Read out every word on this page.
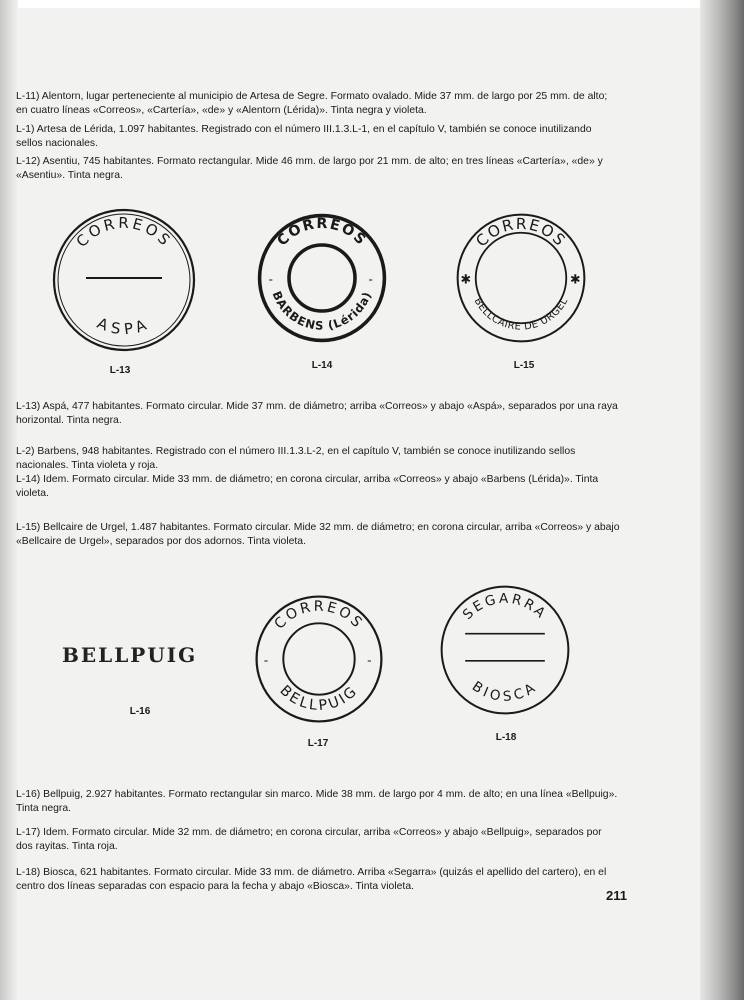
L-11) Alentorn, lugar perteneciente al municipio de Artesa de Segre. Formato ovalado. Mide 37 mm. de largo por 25 mm. de alto; en cuatro líneas «Correos», «Cartería», «de» y «Alentorn (Lérida)». Tinta negra y violeta.

L-1) Artesa de Lérida, 1.097 habitantes. Registrado con el número III.1.3.L-1, en el capítulo V, también se conoce inutilizando sellos nacionales.

L-12) Asentiu, 745 habitantes. Formato rectangular. Mide 46 mm. de largo por 21 mm. de alto; en tres líneas «Cartería», «de» y «Asentiu». Tinta negra.

CORREOS
ASPA
L-13
CORREOS
-	-
BARBENS (Lérida)
L-14
CORREOS
✱	✱
BELLCAIRE DE URGEL
L-15

L-13) Aspá, 477 habitantes. Formato circular. Mide 37 mm. de diámetro; arriba «Correos» y abajo «Aspá», separados por una raya horizontal. Tinta negra.

L-2) Barbens, 948 habitantes. Registrado con el número III.1.3.L-2, en el capítulo V, también se conoce inutilizando sellos nacionales. Tinta violeta y roja.

L-14) Idem. Formato circular. Mide 33 mm. de diámetro; en corona circular, arriba «Correos» y abajo «Barbens (Lérida)». Tinta violeta.

L-15) Bellcaire de Urgel, 1.487 habitantes. Formato circular. Mide 32 mm. de diámetro; en corona circular, arriba «Correos» y abajo «Bellcaire de Urgel», separados por dos adornos. Tinta violeta.

BELLPUIG
L-16
CORREOS
-	-
BELLPUIG
L-17
SEGARRA
BIOSCA
L-18

L-16) Bellpuig, 2.927 habitantes. Formato rectangular sin marco. Mide 38 mm. de largo por 4 mm. de alto; en una línea «Bellpuig». Tinta negra.

L-17) Idem. Formato circular. Mide 32 mm. de diámetro; en corona circular, arriba «Correos» y abajo «Bellpuig», separados por dos rayitas. Tinta roja.

L-18) Biosca, 621 habitantes. Formato circular. Mide 33 mm. de diámetro. Arriba «Segarra» (quizás el apellido del cartero), en el centro dos líneas separadas con espacio para la fecha y abajo «Biosca». Tinta violeta.

211
